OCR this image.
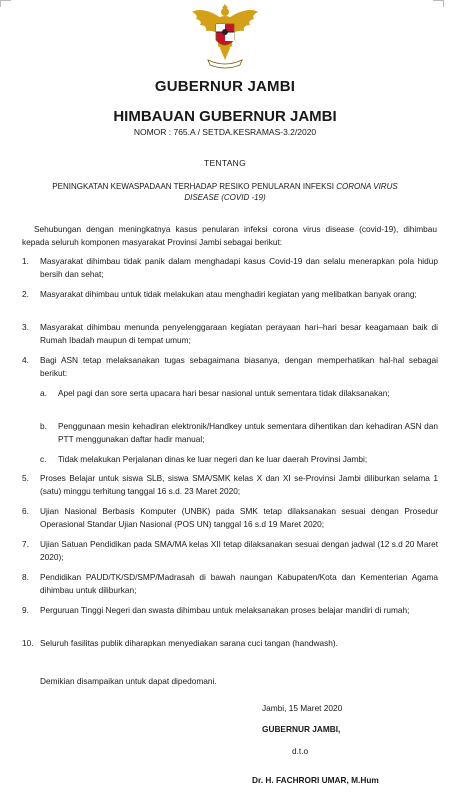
GUBERNUR JAMBI
HIMBAUAN GUBERNUR JAMBI
NOMOR : 765.A / SETDA.KESRAMAS-3.2/2020
TENTANG
PENINGKATAN KEWASPADAAN TERHADAP RESIKO PENULARAN INFEKSI CORONA VIRUS
DISEASE (COVID -19)
Sehubungan dengan meningkatnya kasus penularan infeksi corona virus disease (covid-19), dihimbau kepada seluruh komponen masyarakat Provinsi Jambi sebagai berikut:
1. Masyarakat dihimbau tidak panik dalam menghadapi kasus Covid-19 dan selalu menerapkan pola hidup bersih dan sehat;
2. Masyarakat dihimbau untuk tidak melakukan atau menghadiri kegiatan yang melibatkan banyak orang;
3. Masyarakat dihimbau menunda penyelenggaraan kegiatan perayaan hari–hari besar keagamaan baik di Rumah Ibadah maupun di tempat umum;
4. Bagi ASN tetap melaksanakan tugas sebagaimana biasanya, dengan memperhatikan hal-hal sebagai berikut:
a. Apel pagi dan sore serta upacara hari besar nasional untuk sementara tidak dilaksanakan;
b. Penggunaan mesin kehadiran elektronik/Handkey untuk sementara dihentikan dan kehadiran ASN dan PTT menggunakan daftar hadir manual;
c. Tidak melakukan Perjalanan dinas ke luar negeri dan ke luar daerah Provinsi Jambi;
5. Proses Belajar untuk siswa SLB, siswa SMA/SMK kelas X dan XI se-Provinsi Jambi diliburkan selama 1 (satu) minggu terhitung tanggal 16 s.d. 23 Maret 2020;
6. Ujian Nasional Berbasis Komputer (UNBK) pada SMK tetap dilaksanakan sesuai dengan Prosedur Operasional Standar Ujian Nasional (POS UN) tanggal 16 s.d 19 Maret 2020;
7. Ujian Satuan Pendidikan pada SMA/MA kelas XII tetap dilaksanakan sesuai dengan jadwal (12 s.d 20 Maret 2020);
8. Pendidikan PAUD/TK/SD/SMP/Madrasah di bawah naungan Kabupaten/Kota dan Kementerian Agama dihimbau untuk diliburkan;
9. Perguruan Tinggi Negeri dan swasta dihimbau untuk melaksanakan proses belajar mandiri di rumah;
10. Seluruh fasilitas publik diharapkan menyediakan sarana cuci tangan (handwash).
Demikian disampaikan untuk dapat dipedomani.
Jambi, 15 Maret 2020
GUBERNUR JAMBI,
d.t.o
Dr. H. FACHRORI UMAR, M.Hum
